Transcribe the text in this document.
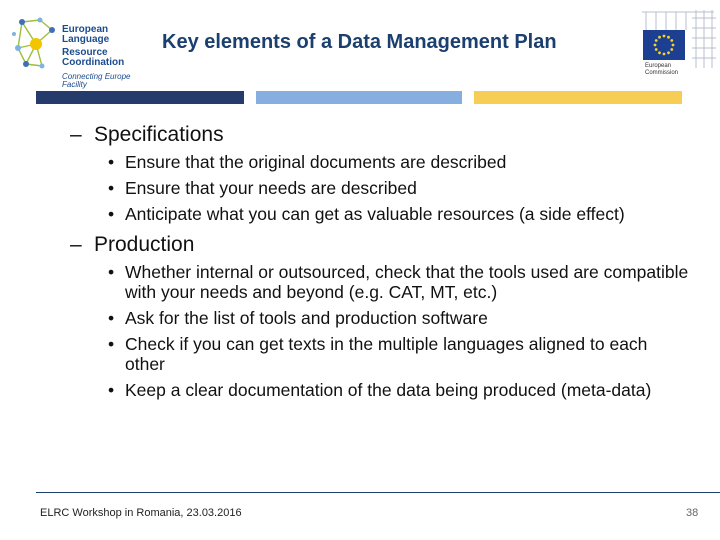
European Language
Resource Coordination
Connecting Europe Facility
Key elements of a Data Management Plan
European
Commission
– Specifications
• Ensure that the original documents are described
• Ensure that your needs are described
• Anticipate what you can get as valuable resources (a side effect)
– Production
• Whether internal or outsourced, check that the tools used are compatible with your needs and beyond (e.g. CAT, MT, etc.)
• Ask for the list of tools and production software
• Check if you can get texts in the multiple languages aligned to each other
• Keep a clear documentation of the data being produced (meta-data)
ELRC Workshop in Romania, 23.03.2016	38
